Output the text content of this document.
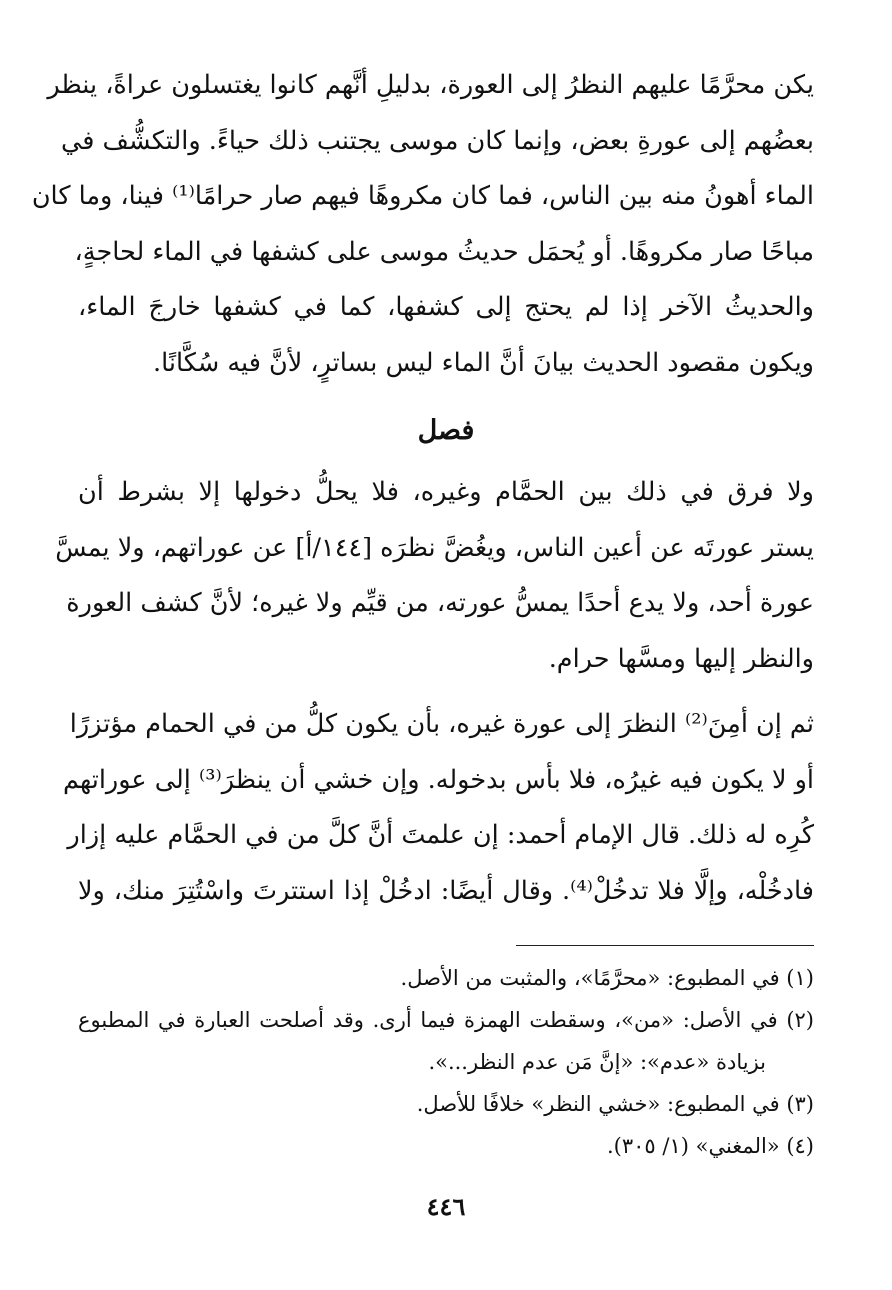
يكن محرَّمًا عليهم النظرُ إلى العورة، بدليلِ أنَّهم كانوا يغتسلون عراةً، ينظر
بعضُهم إلى عورةِ بعض، وإنما كان موسى يجتنب ذلك حياءً. والتكشُّف في
الماء أهونُ منه بين الناس، فما كان مكروهًا فيهم صار حرامًا⁽¹⁾ فينا، وما كان
مباحًا صار مكروهًا. أو يُحمَل حديثُ موسى على كشفها في الماء لحاجةٍ،
والحديثُ الآخر إذا لم يحتج إلى كشفها، كما في كشفها خارجَ الماء،
ويكون مقصود الحديث بيانَ أنَّ الماء ليس بساترٍ، لأنَّ فيه سُكَّانًا.
فصل
ولا فرق في ذلك بين الحمَّام وغيره، فلا يحلُّ دخولها إلا بشرط أن
يستر عورتَه عن أعين الناس، ويغُضَّ نظرَه [١٤٤/أ] عن عوراتهم، ولا يمسَّ
عورة أحد، ولا يدع أحدًا يمسُّ عورته، من قيِّم ولا غيره؛ لأنَّ كشف العورة
والنظر إليها ومسَّها حرام.
ثم إن أمِنَ⁽²⁾ النظرَ إلى عورة غيره، بأن يكون كلُّ من في الحمام مؤتزرًا
أو لا يكون فيه غيرُه، فلا بأس بدخوله. وإن خشي أن ينظرَ⁽³⁾ إلى عوراتهم
كُرِه له ذلك. قال الإمام أحمد: إن علمتَ أنَّ كلَّ من في الحمَّام عليه إزار
فادخُلْه، وإلَّا فلا تدخُلْ⁽⁴⁾. وقال أيضًا: ادخُلْ إذا استترتَ واسْتُتِرَ منك، ولا
(١) في المطبوع: «محرَّمًا»، والمثبت من الأصل.
(٢) في الأصل: «من»، وسقطت الهمزة فيما أرى. وقد أصلحت العبارة في المطبوع
بزيادة «عدم»: «إنَّ مَن عدم النظر...».
(٣) في المطبوع: «خشي النظر» خلافًا للأصل.
(٤) «المغني» (١/ ٣٠٥).
٤٤٦
